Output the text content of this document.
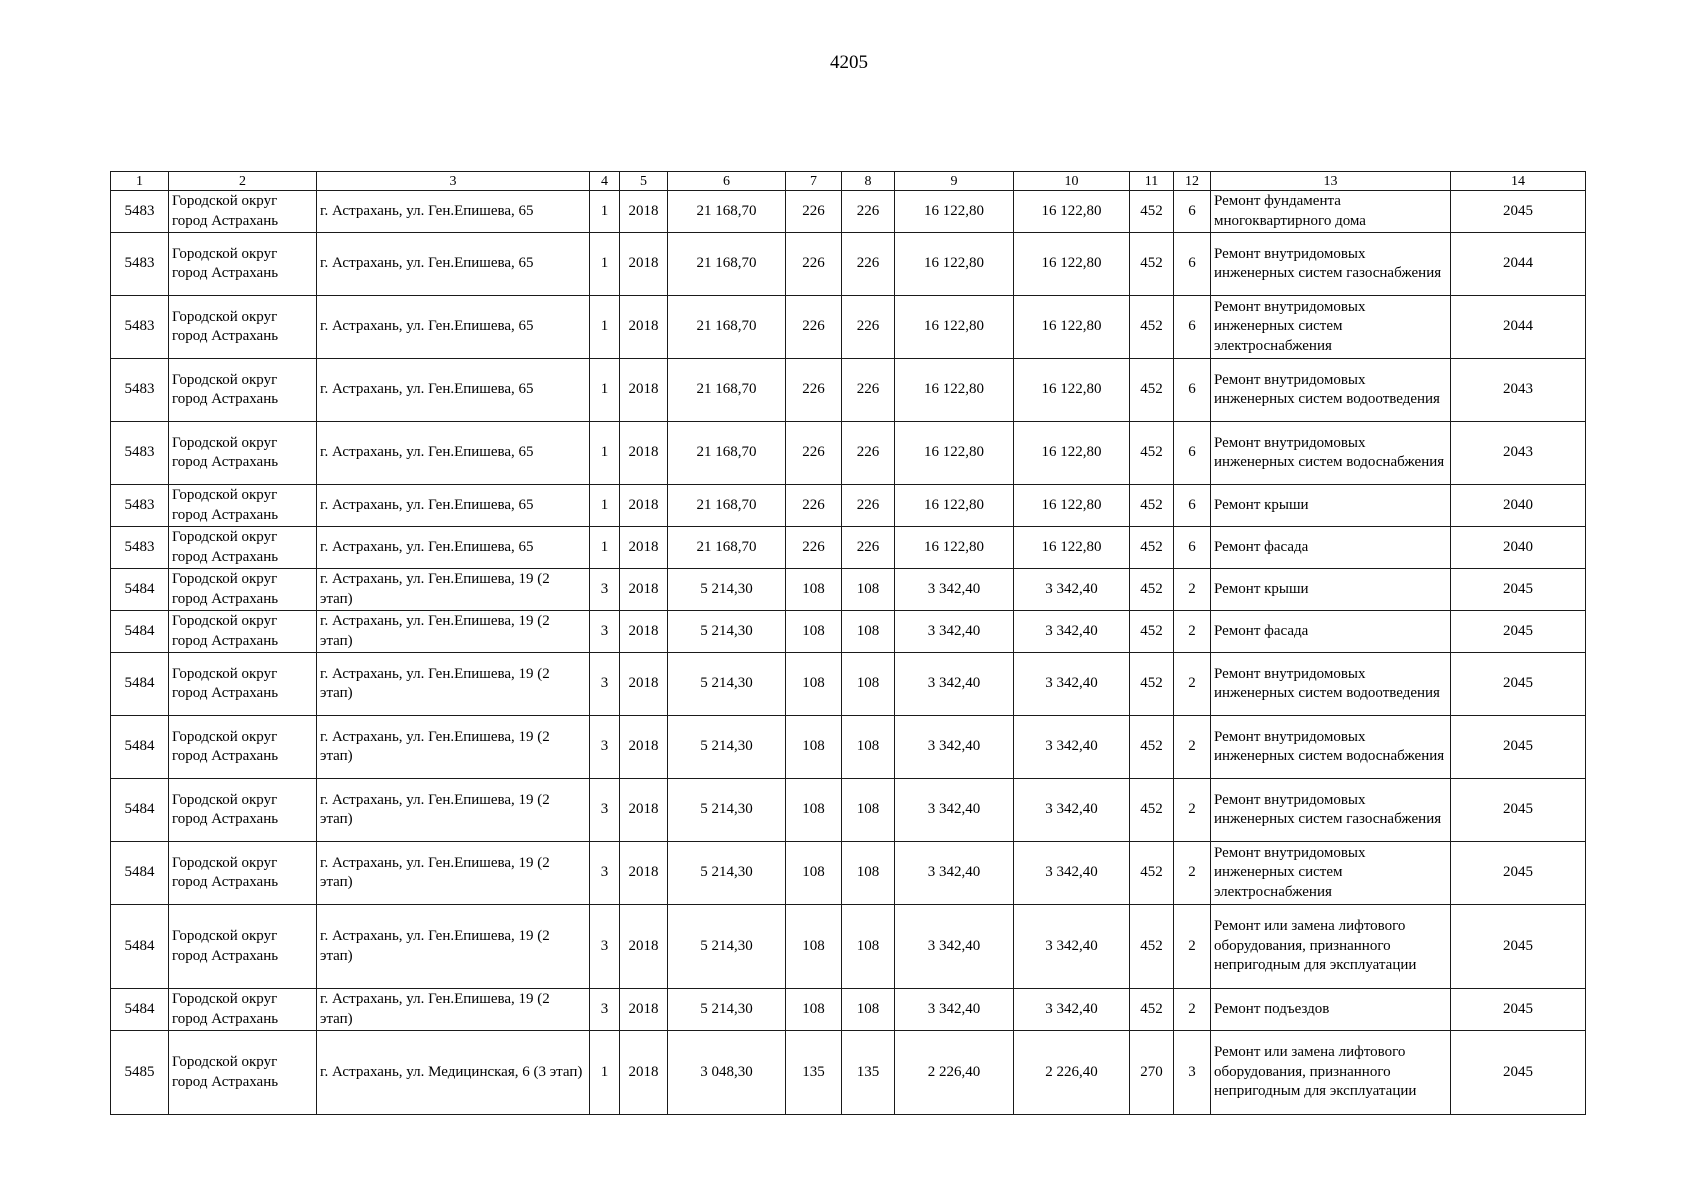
4205
1	2	3	4	5	6	7	8	9	10	11	12	13	14
5483	Городской округ город Астрахань	г. Астрахань, ул. Ген.Епишева, 65	1	2018	21 168,70	226	226	16 122,80	16 122,80	452	6	Ремонт фундамента многоквартирного дома	2045
5483	Городской округ город Астрахань	г. Астрахань, ул. Ген.Епишева, 65	1	2018	21 168,70	226	226	16 122,80	16 122,80	452	6	Ремонт внутридомовых инженерных систем газоснабжения	2044
5483	Городской округ город Астрахань	г. Астрахань, ул. Ген.Епишева, 65	1	2018	21 168,70	226	226	16 122,80	16 122,80	452	6	Ремонт внутридомовых инженерных систем электроснабжения	2044
5483	Городской округ город Астрахань	г. Астрахань, ул. Ген.Епишева, 65	1	2018	21 168,70	226	226	16 122,80	16 122,80	452	6	Ремонт внутридомовых инженерных систем водоотведения	2043
5483	Городской округ город Астрахань	г. Астрахань, ул. Ген.Епишева, 65	1	2018	21 168,70	226	226	16 122,80	16 122,80	452	6	Ремонт внутридомовых инженерных систем водоснабжения	2043
5483	Городской округ город Астрахань	г. Астрахань, ул. Ген.Епишева, 65	1	2018	21 168,70	226	226	16 122,80	16 122,80	452	6	Ремонт крыши	2040
5483	Городской округ город Астрахань	г. Астрахань, ул. Ген.Епишева, 65	1	2018	21 168,70	226	226	16 122,80	16 122,80	452	6	Ремонт фасада	2040
5484	Городской округ город Астрахань	г. Астрахань, ул. Ген.Епишева, 19 (2 этап)	3	2018	5 214,30	108	108	3 342,40	3 342,40	452	2	Ремонт крыши	2045
5484	Городской округ город Астрахань	г. Астрахань, ул. Ген.Епишева, 19 (2 этап)	3	2018	5 214,30	108	108	3 342,40	3 342,40	452	2	Ремонт фасада	2045
5484	Городской округ город Астрахань	г. Астрахань, ул. Ген.Епишева, 19 (2 этап)	3	2018	5 214,30	108	108	3 342,40	3 342,40	452	2	Ремонт внутридомовых инженерных систем водоотведения	2045
5484	Городской округ город Астрахань	г. Астрахань, ул. Ген.Епишева, 19 (2 этап)	3	2018	5 214,30	108	108	3 342,40	3 342,40	452	2	Ремонт внутридомовых инженерных систем водоснабжения	2045
5484	Городской округ город Астрахань	г. Астрахань, ул. Ген.Епишева, 19 (2 этап)	3	2018	5 214,30	108	108	3 342,40	3 342,40	452	2	Ремонт внутридомовых инженерных систем газоснабжения	2045
5484	Городской округ город Астрахань	г. Астрахань, ул. Ген.Епишева, 19 (2 этап)	3	2018	5 214,30	108	108	3 342,40	3 342,40	452	2	Ремонт внутридомовых инженерных систем электроснабжения	2045
5484	Городской округ город Астрахань	г. Астрахань, ул. Ген.Епишева, 19 (2 этап)	3	2018	5 214,30	108	108	3 342,40	3 342,40	452	2	Ремонт или замена лифтового оборудования, признанного непригодным для эксплуатации	2045
5484	Городской округ город Астрахань	г. Астрахань, ул. Ген.Епишева, 19 (2 этап)	3	2018	5 214,30	108	108	3 342,40	3 342,40	452	2	Ремонт подъездов	2045
5485	Городской округ город Астрахань	г. Астрахань, ул. Медицинская, 6 (3 этап)	1	2018	3 048,30	135	135	2 226,40	2 226,40	270	3	Ремонт или замена лифтового оборудования, признанного непригодным для эксплуатации	2045
